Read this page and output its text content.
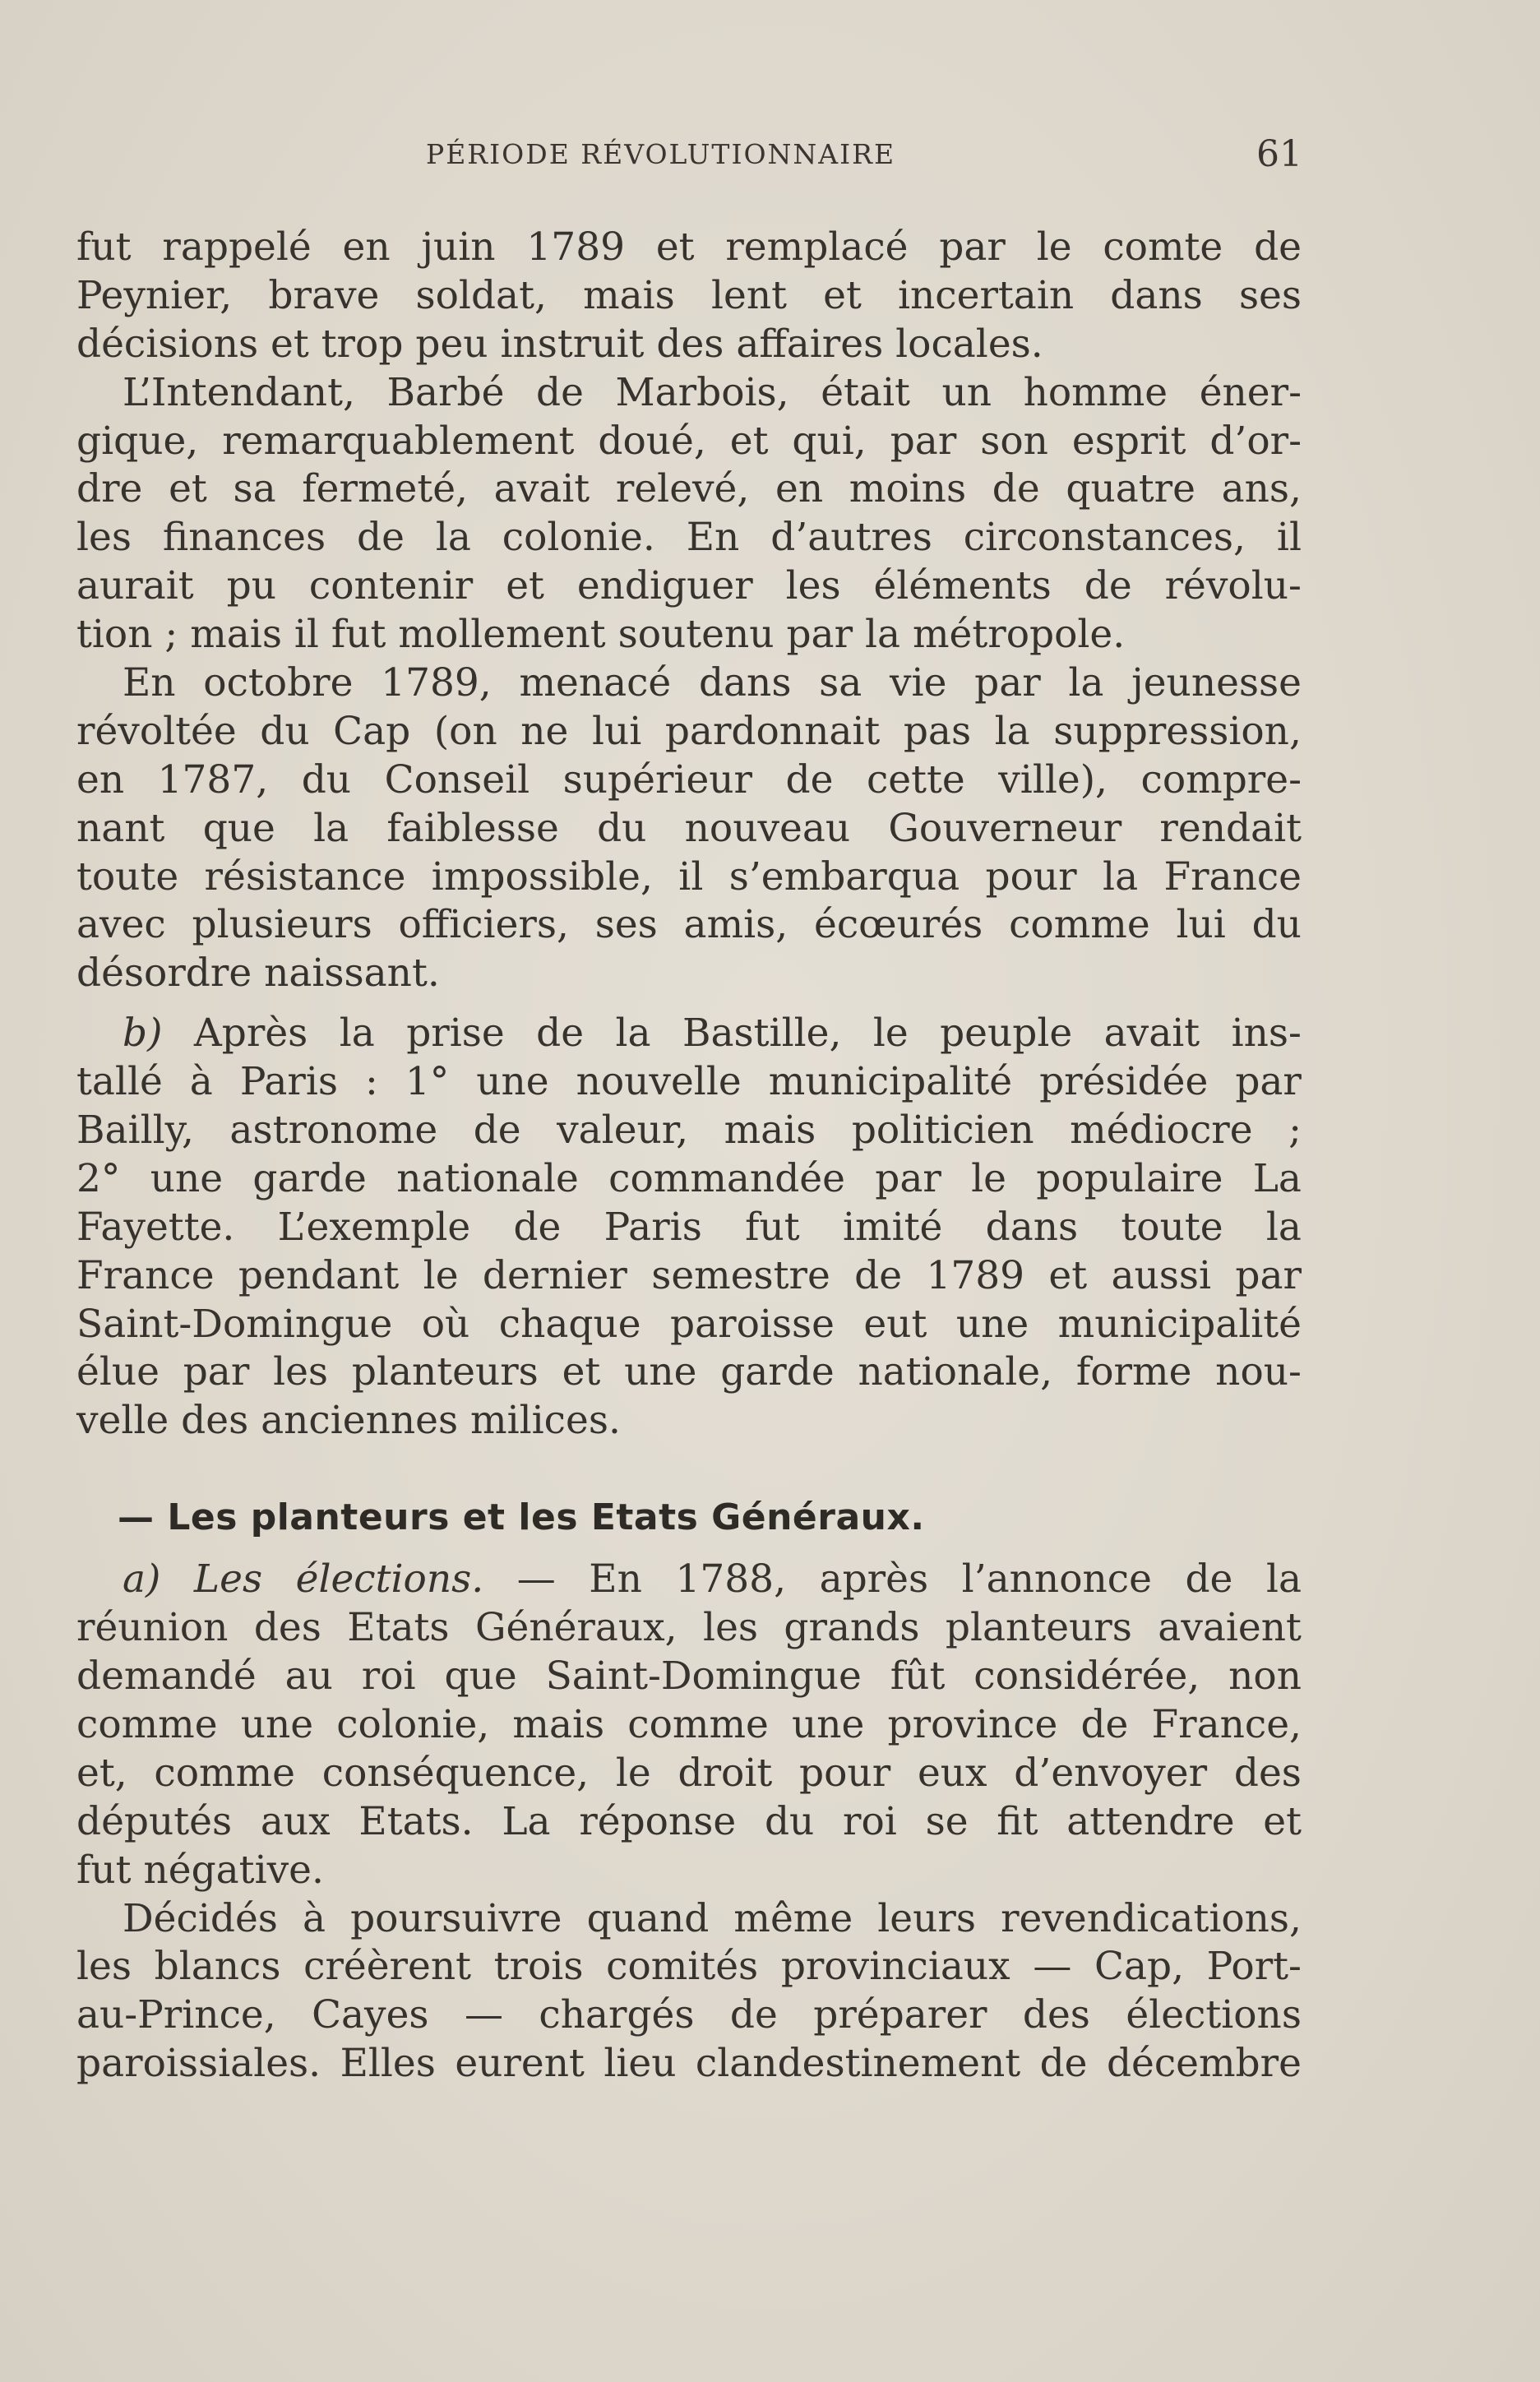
PÉRIODE RÉVOLUTIONNAIRE	61
fut rappelé en juin 1789 et remplacé par le comte de
Peynier, brave soldat, mais lent et incertain dans ses
décisions et trop peu instruit des affaires locales.
L’Intendant, Barbé de Marbois, était un homme éner-
gique, remarquablement doué, et qui, par son esprit d’or-
dre et sa fermeté, avait relevé, en moins de quatre ans,
les finances de la colonie. En d’autres circonstances, il
aurait pu contenir et endiguer les éléments de révolu-
tion ; mais il fut mollement soutenu par la métropole.
En octobre 1789, menacé dans sa vie par la jeunesse
révoltée du Cap (on ne lui pardonnait pas la suppression,
en 1787, du Conseil supérieur de cette ville), compre-
nant que la faiblesse du nouveau Gouverneur rendait
toute résistance impossible, il s’embarqua pour la France
avec plusieurs officiers, ses amis, écœurés comme lui du
désordre naissant.
b) Après la prise de la Bastille, le peuple avait ins-
tallé à Paris : 1° une nouvelle municipalité présidée par
Bailly, astronome de valeur, mais politicien médiocre ;
2° une garde nationale commandée par le populaire La
Fayette. L’exemple de Paris fut imité dans toute la
France pendant le dernier semestre de 1789 et aussi par
Saint-Domingue où chaque paroisse eut une municipalité
élue par les planteurs et une garde nationale, forme nou-
velle des anciennes milices.
— Les planteurs et les Etats Généraux.
a) Les élections. — En 1788, après l’annonce de la
réunion des Etats Généraux, les grands planteurs avaient
demandé au roi que Saint-Domingue fût considérée, non
comme une colonie, mais comme une province de France,
et, comme conséquence, le droit pour eux d’envoyer des
députés aux Etats. La réponse du roi se fit attendre et
fut négative.
Décidés à poursuivre quand même leurs revendications,
les blancs créèrent trois comités provinciaux — Cap, Port-
au-Prince, Cayes — chargés de préparer des élections
paroissiales. Elles eurent lieu clandestinement de décembre
